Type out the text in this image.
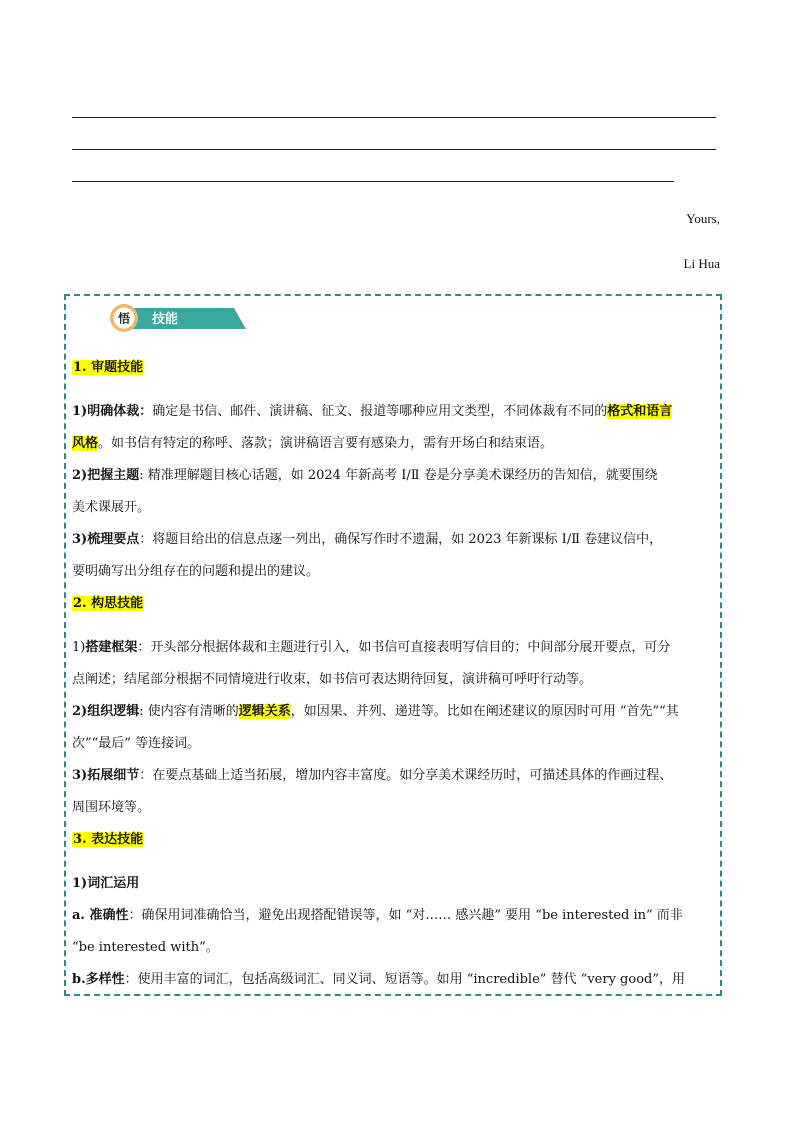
Yours,
Li Hua
悟 技能
1. 审题技能
1)明确体裁：确定是书信、邮件、演讲稿、征文、报道等哪种应用文类型，不同体裁有不同的格式和语言
风格。如书信有特定的称呼、落款；演讲稿语言要有感染力，需有开场白和结束语。
2)把握主题: 精准理解题目核心话题，如 2024 年新高考 Ⅰ/Ⅱ 卷是分享美术课经历的告知信，就要围绕
美术课展开。
3)梳理要点：将题目给出的信息点逐一列出，确保写作时不遗漏，如 2023 年新课标 Ⅰ/Ⅱ 卷建议信中，
要明确写出分组存在的问题和提出的建议。
2. 构思技能
1)搭建框架：开头部分根据体裁和主题进行引入，如书信可直接表明写信目的；中间部分展开要点，可分
点阐述；结尾部分根据不同情境进行收束，如书信可表达期待回复，演讲稿可呼吁行动等。
2)组织逻辑: 使内容有清晰的逻辑关系，如因果、并列、递进等。比如在阐述建议的原因时可用 “首先”“其
次”“最后” 等连接词。
3)拓展细节：在要点基础上适当拓展，增加内容丰富度。如分享美术课经历时，可描述具体的作画过程、
周围环境等。
3. 表达技能
1)词汇运用
a. 准确性：确保用词准确恰当，避免出现搭配错误等，如 “对…… 感兴趣” 要用 “be interested in” 而非
“be interested with”。
b.多样性：使用丰富的词汇，包括高级词汇、同义词、短语等。如用 “incredible” 替代 “very good”，用
